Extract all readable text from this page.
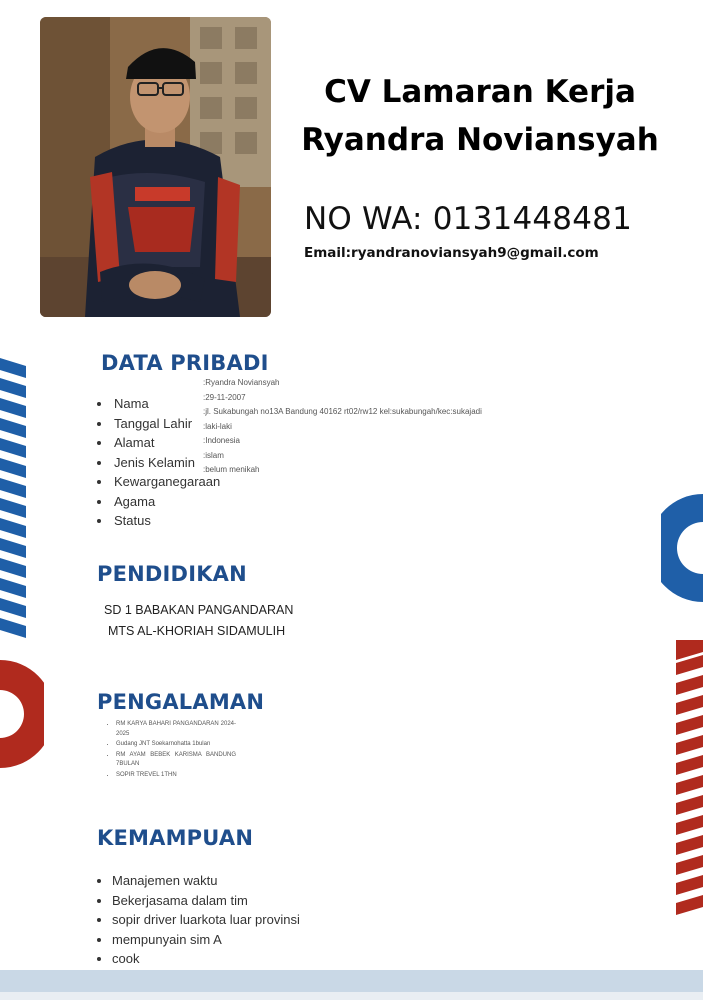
CV Lamaran Kerja
Ryandra Noviansyah
NO WA: 0131448481
Email:ryandranoviansyah9@gmail.com
DATA PRIBADI
• Nama
• Tanggal Lahir
• Alamat
• Jenis Kelamin
• Kewarganegaraan
• Agama
• Status
:Ryandra Noviansyah
:29-11-2007
:jl. Sukabungah no13A Bandung 40162 rt02/rw12 kel:sukabungah/kec:sukajadi
:laki-laki
:Indonesia
:islam
:belum menikah
PENDIDIKAN
SD 1 BABAKAN PANGANDARAN
MTS AL-KHORIAH SIDAMULIH
PENGALAMAN
• RM KARYA BAHARI PANGANDARAN 2024-2025
• Gudang JNT Soekarnohatta 1bulan
• RM AYAM BEBEK KARISMA BANDUNG 7BULAN
• SOPIR TREVEL 1THN
KEMAMPUAN
• Manajemen waktu
• Bekerjasama dalam tim
• sopir driver luarkota luar provinsi
• mempunyain sim A
• cook
